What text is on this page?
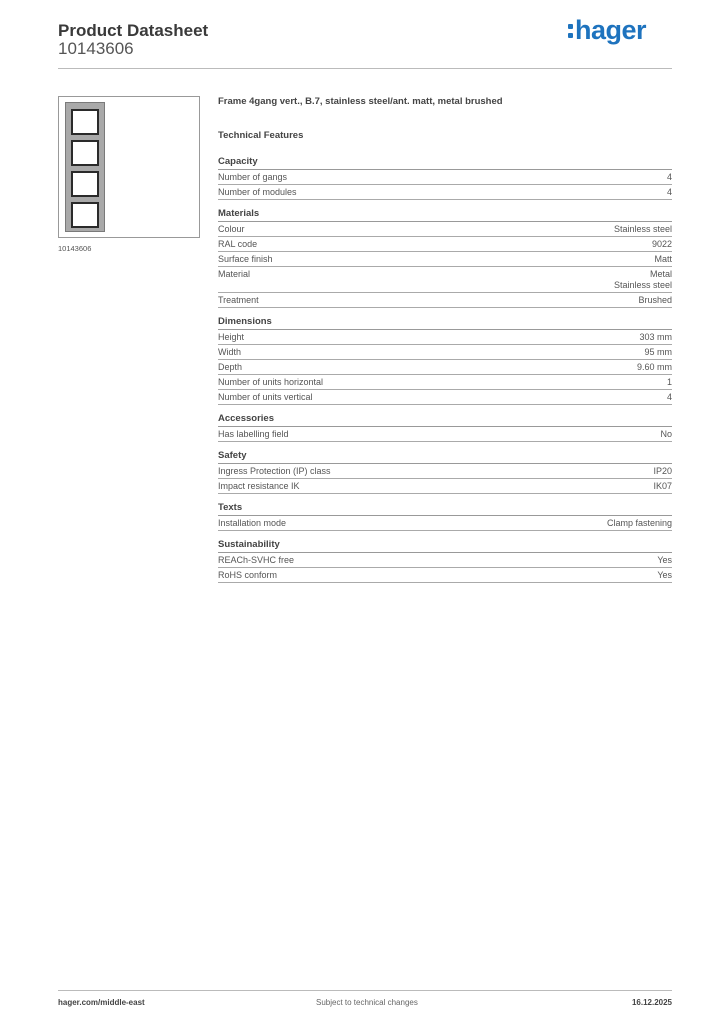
Product Datasheet
10143606
hager
10143606
Frame 4gang vert., B.7, stainless steel/ant. matt, metal brushed
Technical Features
Capacity
Number of gangs	4
Number of modules	4
Materials
Colour	Stainless steel
RAL code	9022
Surface finish	Matt
Material	Metal
Stainless steel
Treatment	Brushed
Dimensions
Height	303 mm
Width	95 mm
Depth	9.60 mm
Number of units horizontal	1
Number of units vertical	4
Accessories
Has labelling field	No
Safety
Ingress Protection (IP) class	IP20
Impact resistance IK	IK07
Texts
Installation mode	Clamp fastening
Sustainability
REACh-SVHC free	Yes
RoHS conform	Yes
hager.com/middle-east	Subject to technical changes	16.12.2025
